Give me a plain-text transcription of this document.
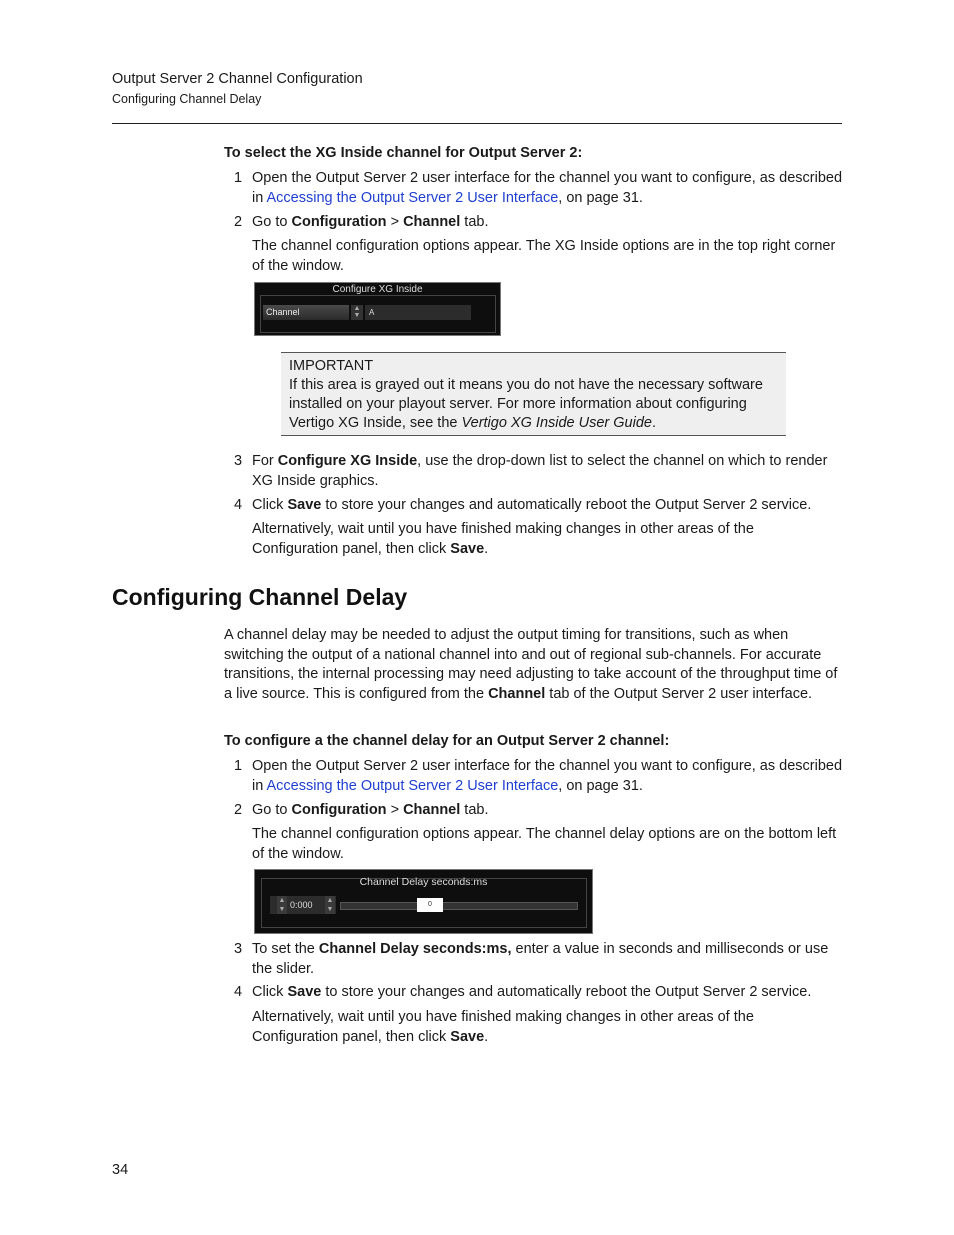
Output Server 2 Channel Configuration
Configuring Channel Delay
To select the XG Inside channel for Output Server 2:
1 Open the Output Server 2 user interface for the channel you want to configure, as described in Accessing the Output Server 2 User Interface, on page 31.
2 Go to Configuration > Channel tab.
The channel configuration options appear. The XG Inside options are in the top right corner of the window.
Configure XG Inside
Channel	▲
▼	A
IMPORTANT
If this area is grayed out it means you do not have the necessary software installed on your playout server. For more information about configuring Vertigo XG Inside, see the Vertigo XG Inside User Guide.
3 For Configure XG Inside, use the drop-down list to select the channel on which to render XG Inside graphics.
4 Click Save to store your changes and automatically reboot the Output Server 2 service.
Alternatively, wait until you have finished making changes in other areas of the Configuration panel, then click Save.
Configuring Channel Delay
A channel delay may be needed to adjust the output timing for transitions, such as when switching the output of a national channel into and out of regional sub-channels. For accurate transitions, the internal processing may need adjusting to take account of the throughput time of a live source. This is configured from the Channel tab of the Output Server 2 user interface.
To configure a the channel delay for an Output Server 2 channel:
1 Open the Output Server 2 user interface for the channel you want to configure, as described in Accessing the Output Server 2 User Interface, on page 31.
2 Go to Configuration > Channel tab.
The channel configuration options appear. The channel delay options are on the bottom left of the window.
Channel Delay seconds:ms
▲
▼ 0:000 ▲
▼
0
3 To set the Channel Delay seconds:ms, enter a value in seconds and milliseconds or use the slider.
4 Click Save to store your changes and automatically reboot the Output Server 2 service.
Alternatively, wait until you have finished making changes in other areas of the Configuration panel, then click Save.
34
